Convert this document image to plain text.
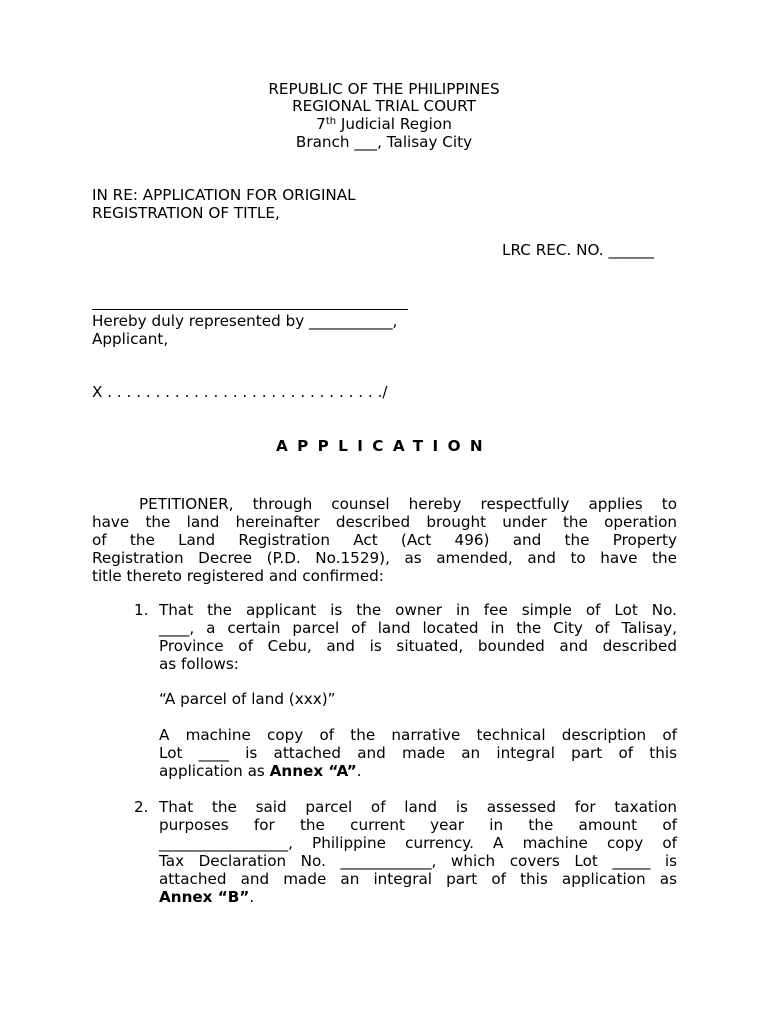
REPUBLIC OF THE PHILIPPINES
REGIONAL TRIAL COURT
7th Judicial Region
Branch ___, Talisay City
IN RE: APPLICATION FOR ORIGINAL
REGISTRATION OF TITLE,
LRC REC. NO. ______
Hereby duly represented by ___________,
Applicant,
X . . . . . . . . . . . . . . . . . . . . . . . . . . . . ./
APPLICATION
PETITIONER, through counsel hereby respectfully applies to
have the land hereinafter described brought under the operation
of the Land Registration Act (Act 496) and the Property
Registration Decree (P.D. No.1529), as amended, and to have the
title thereto registered and confirmed:
1. That the applicant is the owner in fee simple of Lot No.
____, a certain parcel of land located in the City of Talisay,
Province of Cebu, and is situated, bounded and described
as follows:
“A parcel of land (xxx)”
A machine copy of the narrative technical description of
Lot ____ is attached and made an integral part of this
application as Annex “A”.
2. That the said parcel of land is assessed for taxation
purposes for the current year in the amount of
_________________, Philippine currency. A machine copy of
Tax Declaration No. ____________, which covers Lot _____ is
attached and made an integral part of this application as
Annex “B”.
